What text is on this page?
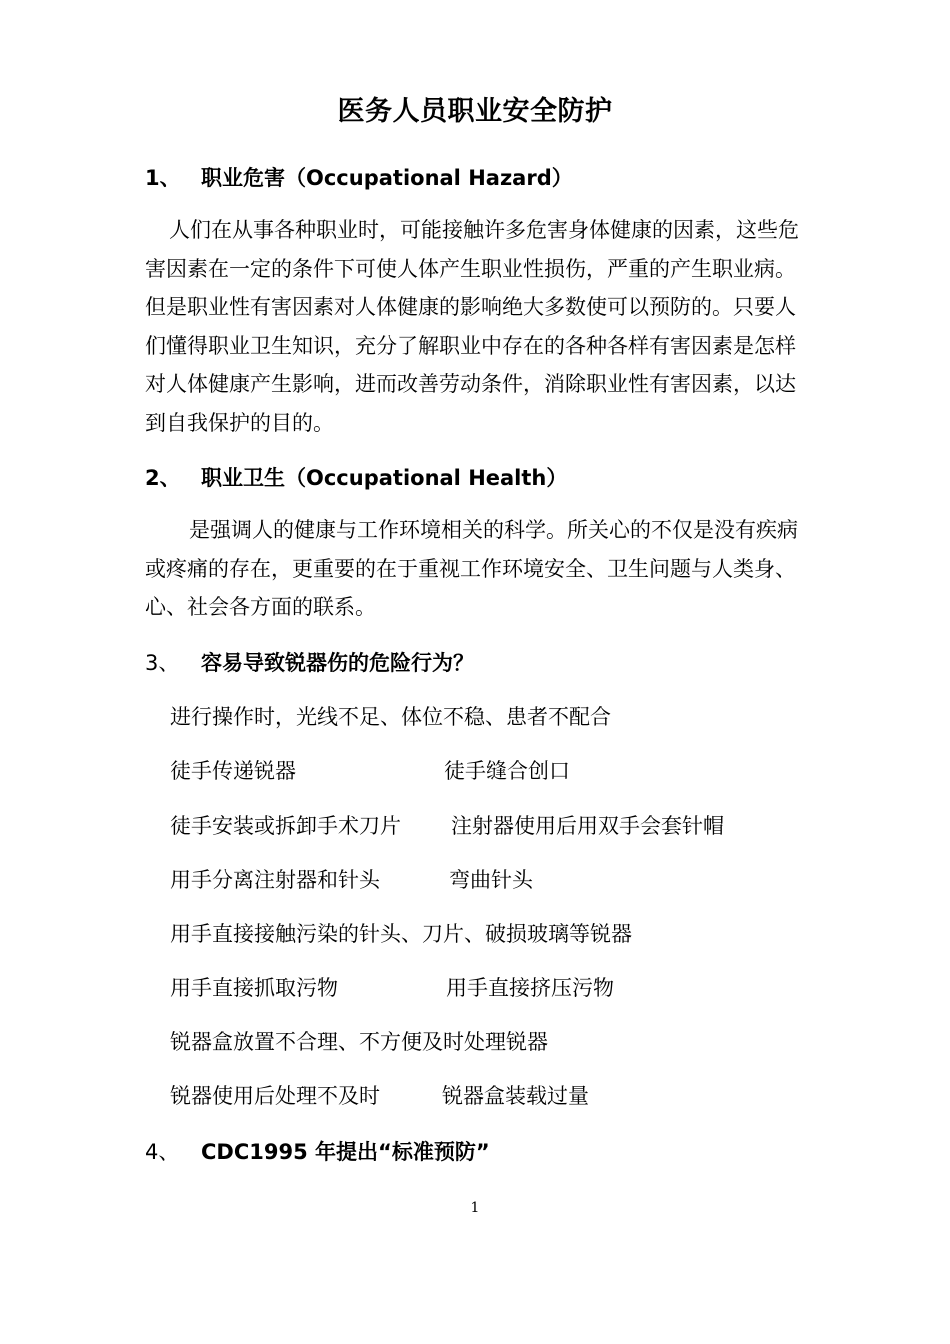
医务人员职业安全防护
1、 职业危害（Occupational Hazard）

人们在从事各种职业时，可能接触许多危害身体健康的因素，这些危害因素在一定的条件下可使人体产生职业性损伤，严重的产生职业病。但是职业性有害因素对人体健康的影响绝大多数使可以预防的。只要人们懂得职业卫生知识，充分了解职业中存在的各种各样有害因素是怎样对人体健康产生影响，进而改善劳动条件，消除职业性有害因素，以达到自我保护的目的。

2、 职业卫生（Occupational Health）

是强调人的健康与工作环境相关的科学。所关心的不仅是没有疾病或疼痛的存在，更重要的在于重视工作环境安全、卫生问题与人类身、心、社会各方面的联系。

3、 容易导致锐器伤的危险行为？
进行操作时，光线不足、体位不稳、患者不配合
徒手传递锐器	徒手缝合创口
徒手安装或拆卸手术刀片 注射器使用后用双手会套针帽
用手分离注射器和针头	弯曲针头
用手直接接触污染的针头、刀片、破损玻璃等锐器
用手直接抓取污物	用手直接挤压污物
锐器盒放置不合理、不方便及时处理锐器
锐器使用后处理不及时	锐器盒装载过量
4、 CDC1995 年提出“标准预防”
1
